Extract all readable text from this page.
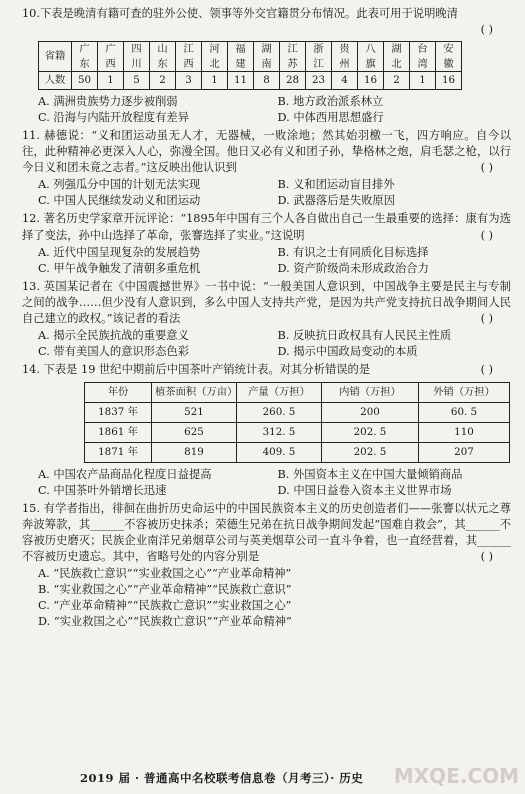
10.下表是晚清有籍可查的驻外公使、领事等外交官籍贯分布情况。此表可用于说明晚清

( )
省籍	广东	广西	四川	山东	江西	河北	福建	湖南	江苏	浙江	贵州	八旗	湖北	台湾	安徽
人数	50	1	5	2	3	1	11	8	28	23	4	16	2	1	16
A. 满洲贵族势力逐步被削弱	B. 地方政治派系林立
C. 沿海与内陆开放程度有差异	D. 中体西用思想盛行

11. 赫德说：“义和团运动虽无人才，无器械，一败涂地；然其始羽檄一飞，四方响应。自今以往，此种精神必更深入人心，弥漫全国。他日又必有义和团子孙，挚格林之炮，肩毛瑟之枪，以行今日义和团未竟之志者。”这反映出他认识到	( )

A. 列强瓜分中国的计划无法实现	B. 义和团运动盲目排外
C. 中国人民继续发动义和团运动	D. 武器落后是失败原因

12. 著名历史学家章开沅评论：“1895年中国有三个人各自做出自己一生最重要的选择：康有为选择了变法，孙中山选择了革命，张謇选择了实业。”这说明	( )

A. 近代中国呈现复杂的发展趋势	B. 有识之士有同质化目标选择
C. 甲午战争触发了清朝多重危机	D. 资产阶级尚未形成政治合力

13. 英国某记者在《中国震撼世界》一书中说：“一般美国人意识到，中国战争主要是民主与专制之间的战争……但少没有人意识到，多么中国人支持共产党，是因为共产党支持抗日战争期间人民自己建立的政权。”该记者的看法	( )

A. 揭示全民族抗战的重要意义	B. 反映抗日政权具有人民民主性质
C. 带有美国人的意识形态色彩	D. 揭示中国政局变动的本质

14. 下表是 19 世纪中期前后中国茶叶产销统计表。对其分析错误的是	( )

年份	植茶面积（万亩）	产量（万担）	内销（万担）	外销（万担）
1837 年	521	260. 5	200	60. 5
1861 年	625	312. 5	202. 5	110
1871 年	819	409. 5	202. 5	207
A. 中国农产品商品化程度日益提高	B. 外国资本主义在中国大量倾销商品
C. 中国茶叶外销增长迅速	D. 中国日益卷入资本主义世界市场

15. 有学者指出，徘徊在曲折历史命运中的中国民族资本主义的历史创造者们——张謇以状元之尊奔波筹款，其______不容被历史抹杀；荣德生兄弟在抗日战争期间发起“国难自救会”，其______不容被历史磨灭；民族企业南洋兄弟烟草公司与英美烟草公司一直斗争着，也一直经营着，其______不容被历史遗忘。其中，省略号处的内容分别是	( )

A. “民族救亡意识”“实业救国之心”“产业革命精神”
B. “实业救国之心”“产业革命精神”“民族救亡意识”
C. “产业革命精神”“民族救亡意识”“实业救国之心”
D. “实业救国之心”“民族救亡意识”“产业革命精神”
2019 届 · 普通高中名校联考信息卷（月考三）· 历史 MXQE.COM
